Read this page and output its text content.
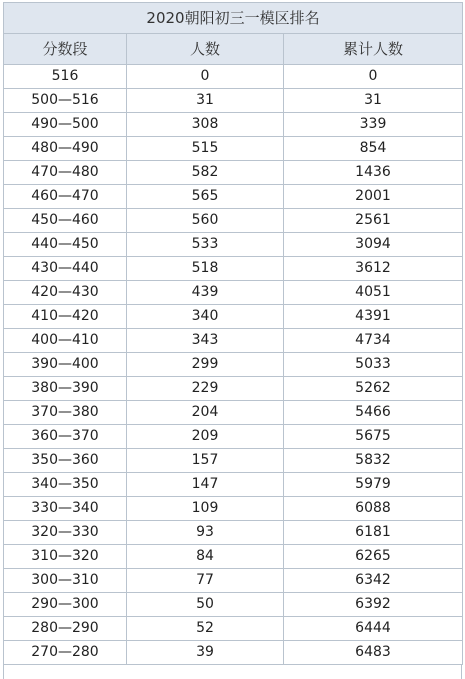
2020朝阳初三一模区排名		
分数段	人数	累计人数
516	0	0
500—516	31	31
490—500	308	339
480—490	515	854
470—480	582	1436
460—470	565	2001
450—460	560	2561
440—450	533	3094
430—440	518	3612
420—430	439	4051
410—420	340	4391
400—410	343	4734
390—400	299	5033
380—390	229	5262
370—380	204	5466
360—370	209	5675
350—360	157	5832
340—350	147	5979
330—340	109	6088
320—330	93	6181
310—320	84	6265
300—310	77	6342
290—300	50	6392
280—290	52	6444
270—280	39	6483
